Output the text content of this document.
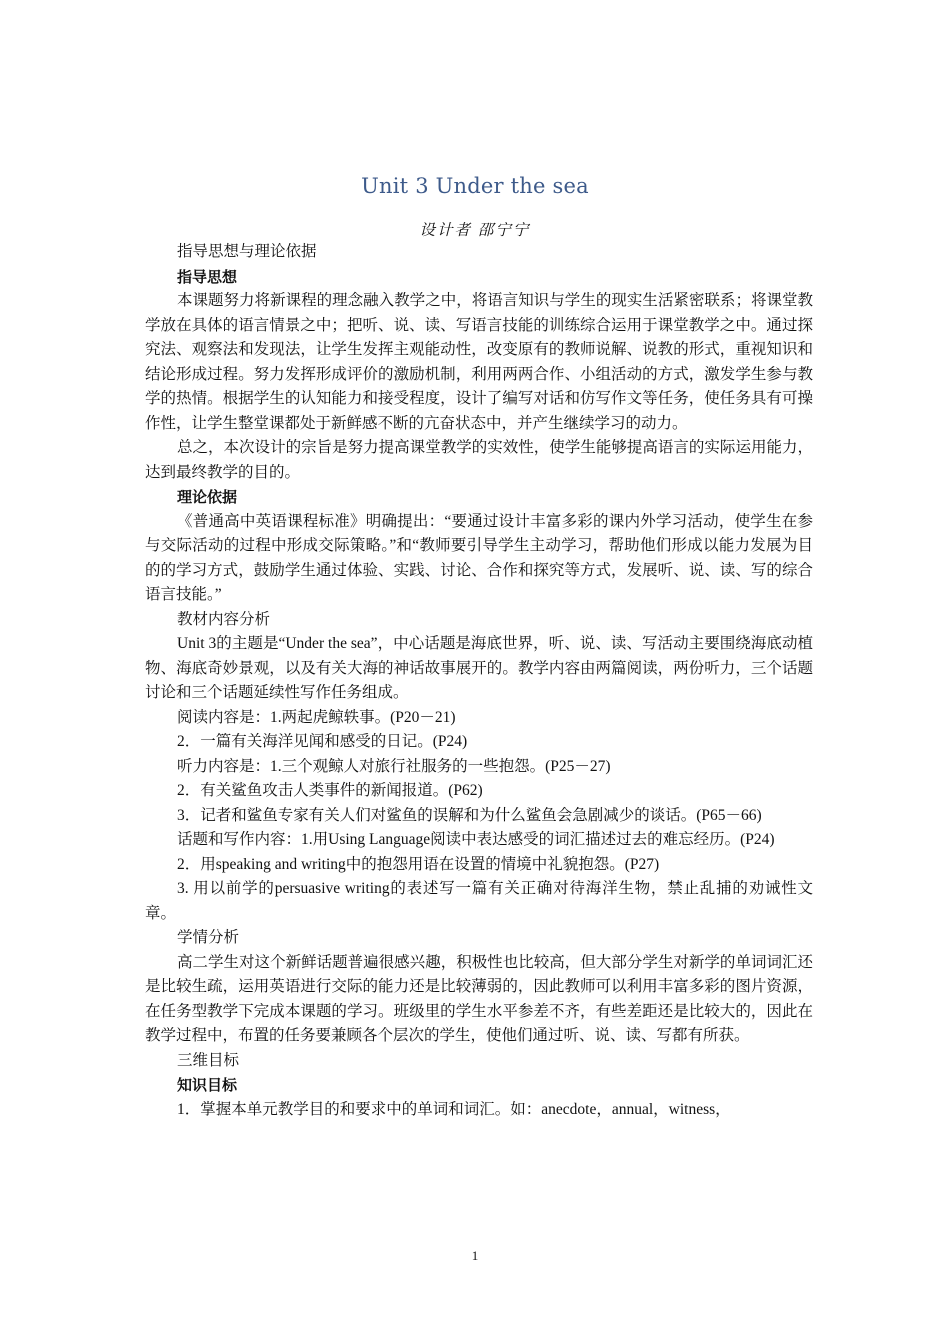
Unit 3 Under the sea
设计者 邵宁宁
指导思想与理论依据
指导思想

本课题努力将新课程的理念融入教学之中，将语言知识与学生的现实生活紧密联系；将课堂教学放在具体的语言情景之中；把听、说、读、写语言技能的训练综合运用于课堂教学之中。通过探究法、观察法和发现法，让学生发挥主观能动性，改变原有的教师说解、说教的形式，重视知识和结论形成过程。努力发挥形成评价的激励机制，利用两两合作、小组活动的方式，激发学生参与教学的热情。根据学生的认知能力和接受程度，设计了编写对话和仿写作文等任务，使任务具有可操作性，让学生整堂课都处于新鲜感不断的亢奋状态中，并产生继续学习的动力。

总之，本次设计的宗旨是努力提高课堂教学的实效性，使学生能够提高语言的实际运用能力，达到最终教学的目的。

理论依据

《普通高中英语课程标准》明确提出：“要通过设计丰富多彩的课内外学习活动，使学生在参与交际活动的过程中形成交际策略。”和“教师要引导学生主动学习，帮助他们形成以能力发展为目的的学习方式，鼓励学生通过体验、实践、讨论、合作和探究等方式，发展听、说、读、写的综合语言技能。”

教材内容分析

Unit 3的主题是“Under the sea”，中心话题是海底世界，听、说、读、写活动主要围绕海底动植物、海底奇妙景观，以及有关大海的神话故事展开的。教学内容由两篇阅读，两份听力，三个话题讨论和三个话题延续性写作任务组成。

阅读内容是：1.两起虎鲸轶事。(P20－21)

2．一篇有关海洋见闻和感受的日记。(P24)

听力内容是：1.三个观鲸人对旅行社服务的一些抱怨。(P25－27)

2．有关鲨鱼攻击人类事件的新闻报道。(P62)

3．记者和鲨鱼专家有关人们对鲨鱼的误解和为什么鲨鱼会急剧减少的谈话。(P65－66)

话题和写作内容：1.用Using Language阅读中表达感受的词汇描述过去的难忘经历。(P24)

2．用speaking and writing中的抱怨用语在设置的情境中礼貌抱怨。(P27)

3. 用以前学的persuasive writing的表述写一篇有关正确对待海洋生物，禁止乱捕的劝诫性文章。

学情分析

高二学生对这个新鲜话题普遍很感兴趣，积极性也比较高，但大部分学生对新学的单词词汇还是比较生疏，运用英语进行交际的能力还是比较薄弱的，因此教师可以利用丰富多彩的图片资源，在任务型教学下完成本课题的学习。班级里的学生水平参差不齐，有些差距还是比较大的，因此在教学过程中，布置的任务要兼顾各个层次的学生，使他们通过听、说、读、写都有所获。

三维目标
知识目标

1．掌握本单元教学目的和要求中的单词和词汇。如：anecdote，annual，witness，

1
